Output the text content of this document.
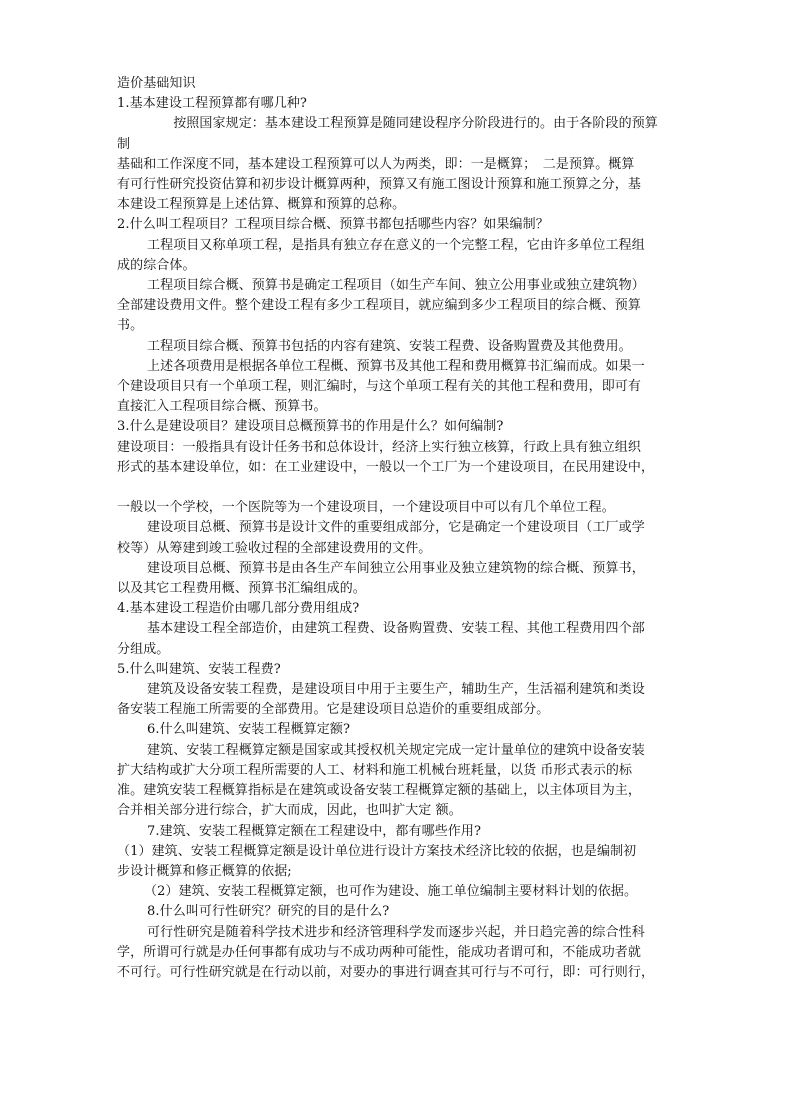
造价基础知识

1.基本建设工程预算都有哪几种?

　　按照国家规定：基本建设工程预算是随同建设程序分阶段进行的。由于各阶段的预算

制

基础和工作深度不同，基本建设工程预算可以人为两类，即：一是概算；　二是预算。概算

有可行性研究投资估算和初步设计概算两种，预算又有施工图设计预算和施工预算之分，基

本建设工程预算是上述估算、概算和预算的总称。

2.什么叫工程项目？工程项目综合概、预算书都包括哪些内容？如果编制？

工程项目又称单项工程，是指具有独立存在意义的一个完整工程，它由许多单位工程组

成的综合体。

工程项目综合概、预算书是确定工程项目（如生产车间、独立公用事业或独立建筑物）

全部建设费用文件。整个建设工程有多少工程项目，就应编到多少工程项目的综合概、预算

书。

工程项目综合概、预算书包括的内容有建筑、安装工程费、设备购置费及其他费用。

上述各项费用是根据各单位工程概、预算书及其他工程和费用概算书汇编而成。如果一

个建设项目只有一个单项工程，则汇编时，与这个单项工程有关的其他工程和费用，即可有

直接汇入工程项目综合概、预算书。

3.什么是建设项目？建设项目总概预算书的作用是什么？如何编制?

建设项目：一般指具有设计任务书和总体设计，经济上实行独立核算，行政上具有独立组织

形式的基本建设单位，如：在工业建设中，一般以一个工厂为一个建设项目，在民用建设中，

一般以一个学校，一个医院等为一个建设项目，一个建设项目中可以有几个单位工程。

建设项目总概、预算书是设计文件的重要组成部分，它是确定一个建设项目（工厂或学

校等）从筹建到竣工验收过程的全部建设费用的文件。

建设项目总概、预算书是由各生产车间独立公用事业及独立建筑物的综合概、预算书，

以及其它工程费用概、预算书汇编组成的。

4.基本建设工程造价由哪几部分费用组成?

基本建设工程全部造价，由建筑工程费、设备购置费、安装工程、其他工程费用四个部

分组成。

5.什么叫建筑、安装工程费?

建筑及设备安装工程费，是建设项目中用于主要生产，辅助生产，生活福利建筑和类设

备安装工程施工所需要的全部费用。它是建设项目总造价的重要组成部分。

6.什么叫建筑、安装工程概算定额?

建筑、安装工程概算定额是国家或其授权机关规定完成一定计量单位的建筑中设备安装

扩大结构或扩大分项工程所需要的人工、材料和施工机械台班耗量，以货 币形式表示的标

准。建筑安装工程概算指标是在建筑或设备安装工程概算定额的基础上，以主体项目为主，

合并相关部分进行综合，扩大而成，因此，也叫扩大定 额。

7.建筑、安装工程概算定额在工程建设中，都有哪些作用?

（1）建筑、安装工程概算定额是设计单位进行设计方案技术经济比较的依据，也是编制初

步设计概算和修正概算的依据;

（2）建筑、安装工程概算定额，也可作为建设、施工单位编制主要材料计划的依据。

8.什么叫可行性研究？研究的目的是什么?

可行性研究是随着科学技术进步和经济管理科学发而逐步兴起，并日趋完善的综合性科

学，所谓可行就是办任何事都有成功与不成功两种可能性，能成功者谓可和，不能成功者就

不可行。可行性研究就是在行动以前，对要办的事进行调查其可行与不可行，即：可行则行，
